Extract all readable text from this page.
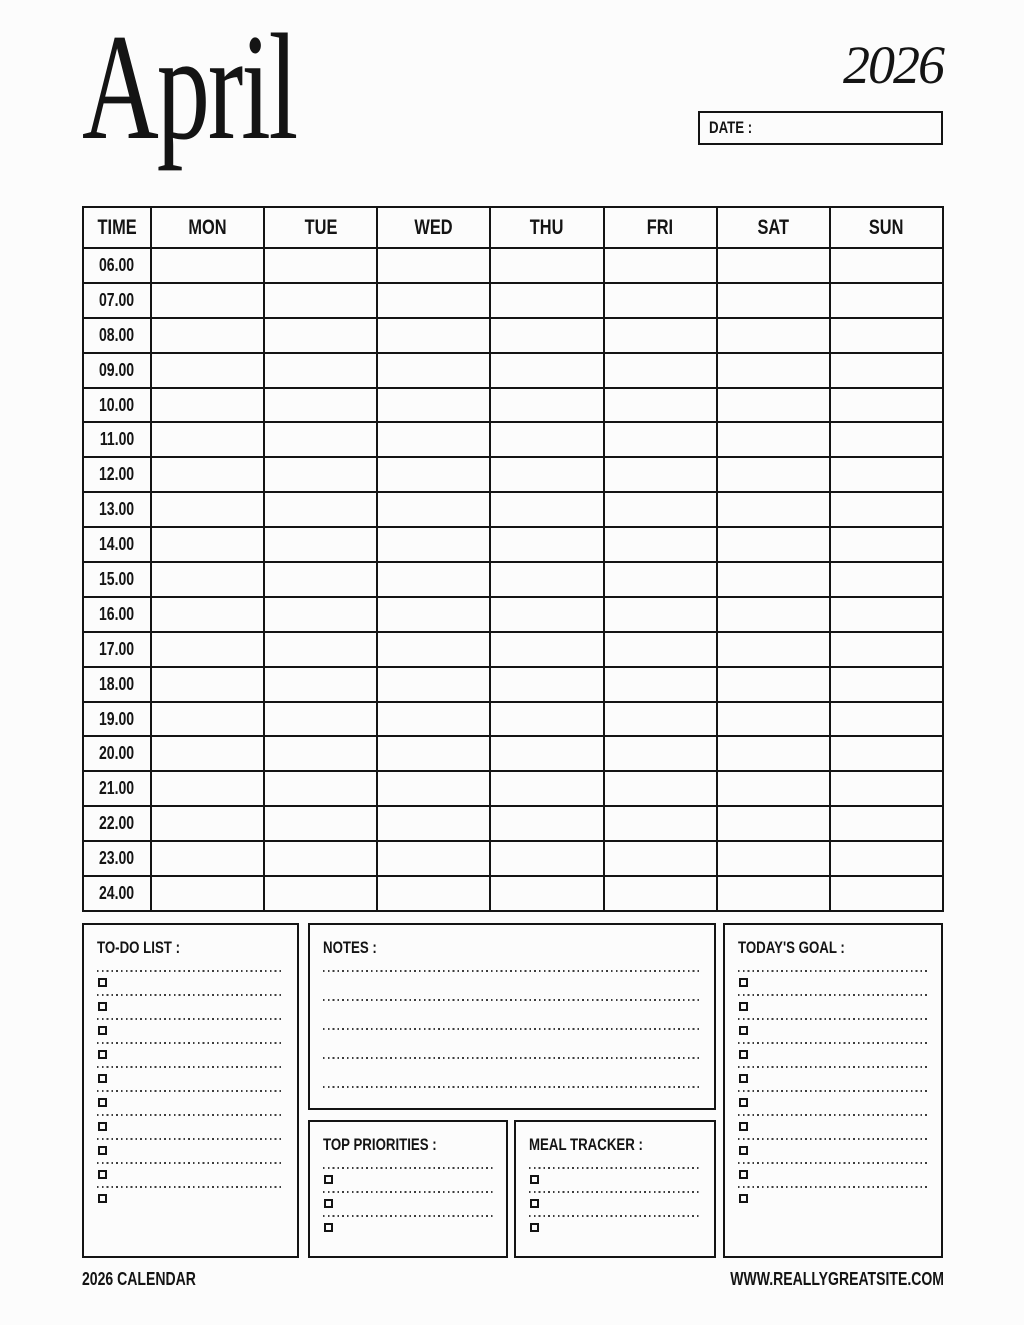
April	2026
DATE :
TIME	MON	TUE	WED	THU	FRI	SAT	SUN
06.00							
07.00							
08.00							
09.00							
10.00							
11.00							
12.00							
13.00							
14.00							
15.00							
16.00							
17.00							
18.00							
19.00							
20.00							
21.00							
22.00							
23.00							
24.00							
TO-DO LIST :	NOTES :
TOP PRIORITIES :	MEAL TRACKER :
TODAY'S GOAL :
2026 CALENDAR	WWW.REALLYGREATSITE.COM
